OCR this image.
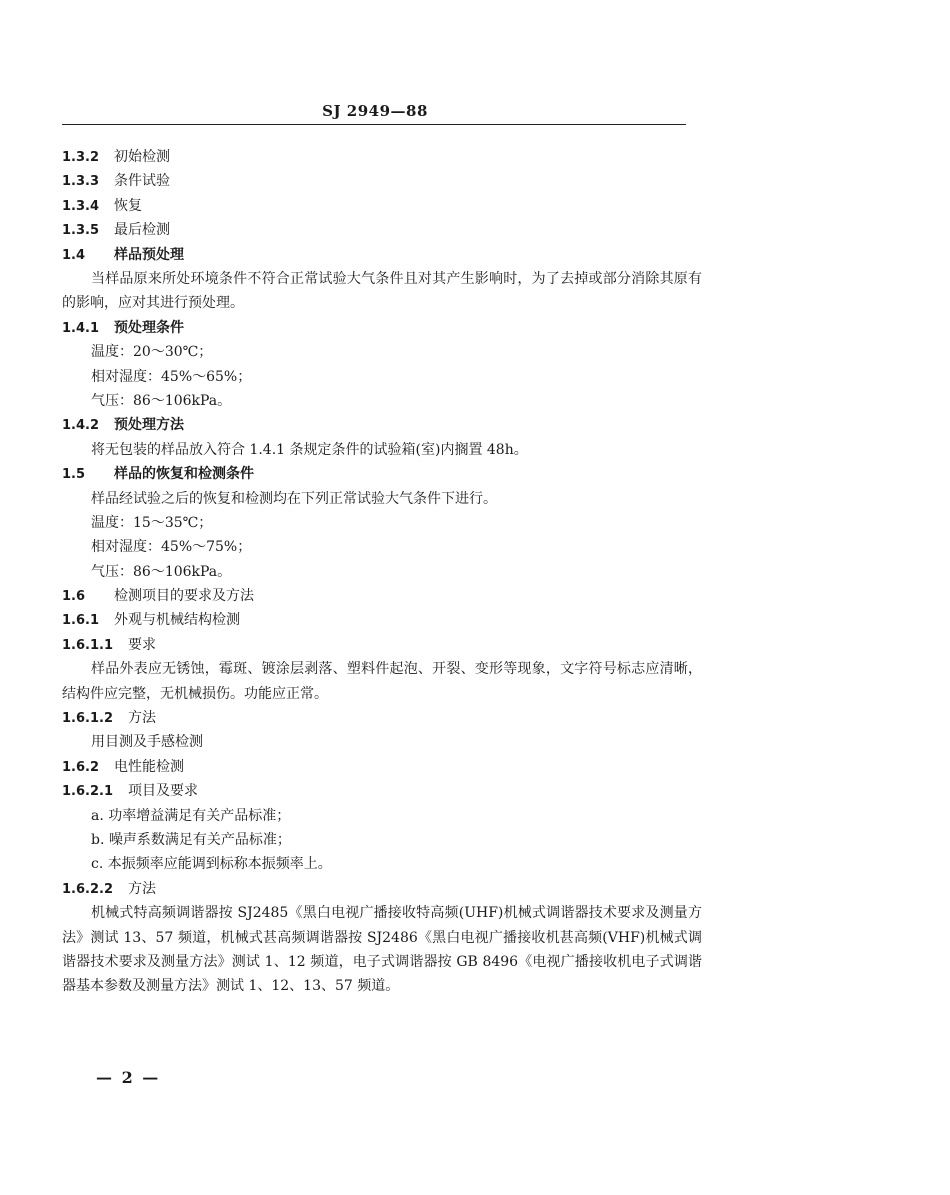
SJ 2949—88
1.3.2 初始检测
1.3.3 条件试验
1.3.4 恢复
1.3.5 最后检测
1.4 样品预处理
当样品原来所处环境条件不符合正常试验大气条件且对其产生影响时，为了去掉或部分消除其原有的影响，应对其进行预处理。
1.4.1 预处理条件
温度：20～30℃；
相对湿度：45%～65%；
气压：86～106kPa。
1.4.2 预处理方法
将无包装的样品放入符合 1.4.1 条规定条件的试验箱(室)内搁置 48h。
1.5 样品的恢复和检测条件
样品经试验之后的恢复和检测均在下列正常试验大气条件下进行。
温度：15～35℃；
相对湿度：45%～75%；
气压：86～106kPa。
1.6 检测项目的要求及方法
1.6.1 外观与机械结构检测
1.6.1.1 要求
样品外表应无锈蚀，霉斑、镀涂层剥落、塑料件起泡、开裂、变形等现象，文字符号标志应清晰，结构件应完整，无机械损伤。功能应正常。
1.6.1.2 方法
用目测及手感检测
1.6.2 电性能检测
1.6.2.1 项目及要求
a. 功率增益满足有关产品标准；
b. 噪声系数满足有关产品标准；
c. 本振频率应能调到标称本振频率上。
1.6.2.2 方法
机械式特高频调谐器按 SJ2485《黑白电视广播接收特高频(UHF)机械式调谐器技术要求及测量方法》测试 13、57 频道，机械式甚高频调谐器按 SJ2486《黑白电视广播接收机甚高频(VHF)机械式调谐器技术要求及测量方法》测试 1、12 频道，电子式调谐器按 GB 8496《电视广播接收机电子式调谐器基本参数及测量方法》测试 1、12、13、57 频道。
— 2 —
